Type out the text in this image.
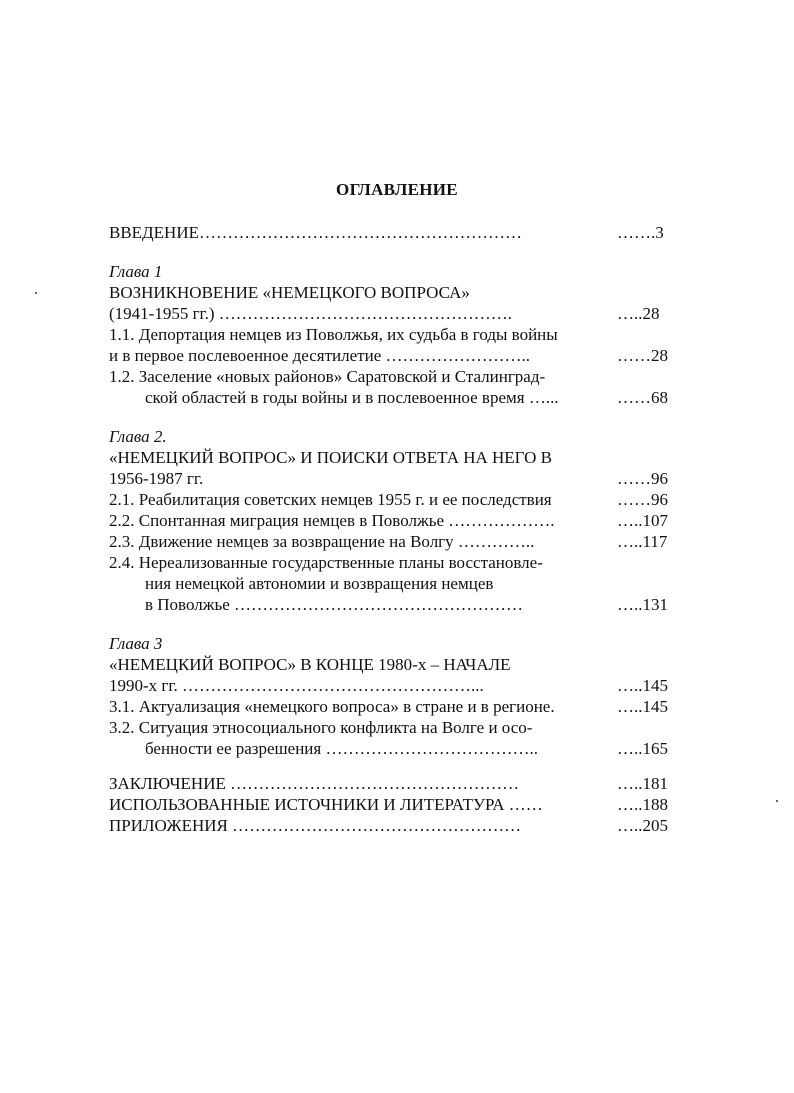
ОГЛАВЛЕНИЕ
ВВЕДЕНИЕ…………………………………………………	…….3
Глава 1
ВОЗНИКНОВЕНИЕ «НЕМЕЦКОГО ВОПРОСА»
(1941-1955 гг.) …………………………………………….	…..28
1.1. Депортация немцев из Поволжья, их судьба в годы войны
и в первое послевоенное десятилетие ……………………..	……28
1.2. Заселение «новых районов» Саратовской и Сталинград-
ской областей в годы войны и в послевоенное время …...	……68
Глава 2.
«НЕМЕЦКИЙ ВОПРОС» И ПОИСКИ ОТВЕТА НА НЕГО В
1956-1987 гг.	……96
2.1. Реабилитация советских немцев 1955 г. и ее последствия	……96
2.2. Спонтанная миграция немцев в Поволжье ……………….	…..107
2.3. Движение немцев за возвращение на Волгу …………..	…..117
2.4. Нереализованные государственные планы восстановле-
ния немецкой автономии и возвращения немцев
в Поволжье ……………………………………………	…..131
Глава 3
«НЕМЕЦКИЙ ВОПРОС» В КОНЦЕ 1980-х – НАЧАЛЕ
1990-х гг. ……………………………………………...	…..145
3.1. Актуализация «немецкого вопроса» в стране и в регионе.	…..145
3.2. Ситуация этносоциального конфликта на Волге и осо-
бенности ее разрешения ………………………………..	…..165
ЗАКЛЮЧЕНИЕ ……………………………………………	…..181
ИСПОЛЬЗОВАННЫЕ ИСТОЧНИКИ И ЛИТЕРАТУРА ……	…..188
ПРИЛОЖЕНИЯ ……………………………………………	…..205
